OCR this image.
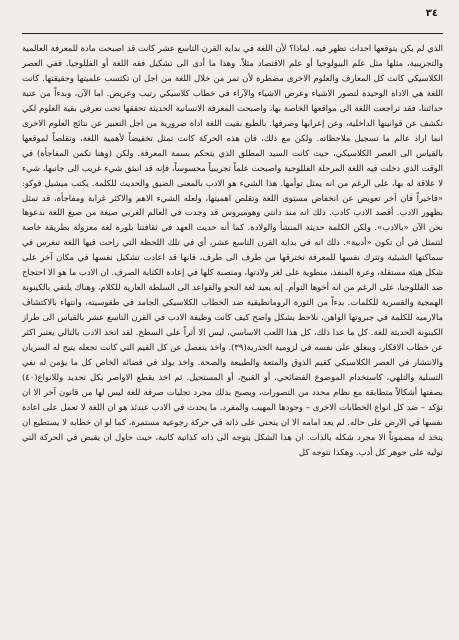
٣٤

الذي لم يكن يتوقعها احداث تظهر فيه. لماذا؟ لأن اللغة في بداية القرن التاسع عشر كانت قد اصبحت مادة للمعرفة العالمية والتجريبية، مثلها مثل علم البيولوجيا أو علم الاقتصاد مثلاً. وهذا ما أدى الى تشكيل فقه اللغة أو الفللوجيا. ففي العصر الكلاسيكي كانت كل المعارف والعلوم الاخرى مضطرة لأن تمر من خلال اللغة من اجل ان تكتسب علميتها وحقيقتها. كانت اللغة هي الاداة الوحيدة لتصور الاشياء وعرض الاشياء والآراء في خطاب كلاسيكي رتيب وعريض. اما الآن، وبدءاً من عتبة حداثتنا، فقد تراجعت اللغة الى مواقعها الخاصة بها، واصبحت المعرفة الانسانية الحديثة تحققها تحت تعرفي بقية العلوم لكي تكشف عن قوانينها الداخلية، وعن إعرابها وصرفها. بالطبع بقيت اللغة اداة ضرورية من اجل التعبير عن نتائج العلوم الاخرى انما اراد عالم ما تسجيل ملاحظاته. ولكن مع ذلك، فان هذه الحركة كانت تمثل تخفيضاً لأهمية اللغة، وتقلصاً لموقعها بالقياس الى العصر الكلاسيكي، حيث كانت السيد المطلق الذي يتحكم بسمة المعرفة. ولكن (وهنا تكمن المفاجأة) في الوقت الذي دخلت فيه اللغة المرحلة الفللوجية واصبحت علماً تجريبياً محسوساً، فإنه قد انبثق شيء غريب الى جانبها، شيء لا علاقة له بها، على الرغم من انه يمثل توأمها. هذا الشيء هو الادب بالمعنى الضيق والحديث للكلمة. يكتب ميشيل فوكو: «فاخيراً فان آخر تعويض عن انخفاض مستوى اللغة وتقلص اهميتها، ولعله الشيء الاهم والاكثر غرابة ومفاجأة، قد تمثل بظهور الادب. أقصد الادب كادب. ذلك انه منذ دانتي وهوميروس قد وجدت في العالم الغربي صيغة من صيغ اللغة ندعوها نحن الآن «بالادب». ولكن الكلمة حديثة المنشأ والولادة. كما أنه حديث العهد في ثقافتنا بلورة لغة معزولة بطريقة خاصة لتتمثل في أن تكون «أدبية». ذلك انه في بداية القرن التاسع عشر، أي في تلك اللحظة التي راحت فيها اللغة تنغرس في سماكتها الشيئية وتترك نفسها للمعرفة تخترقها من طرف الى طرف، فانها قد اعادت تشكيل نفسها في مكان آخر على شكل هيئة مستقلة، وعرة المنفذ، منطوية على لغز ولادتها، ومنصبة كلها في إعادة الكتابة الصرف. ان الادب ما هو الا احتجاج ضد الفللوجيا، على الرغم من انه أخوها التوأم. إنه يعيد لغة النحو والقواعد الى السلطة العارية للكلام، وهناك يلتقي بالكينونة الهمجية والقسرية للكلمات. بدءاً من الثورة الرومانطيقية ضد الخطاب الكلاسيكي الجامد في طقوسيته، وانتهاء بالاكتشاف مالارميه للكلمة في جبروتها الواهن، نلاحظ بشكل واضح كيف كانت وظيفة الادب في القرن التاسع عشر بالقياس الى طراز الكينونة الحديثة للغة. كل ما عدا ذلك، كل هذا اللعب الاساسي، ليس الا أثراً على السطح. لقد اتخذ الادب بالتالي يعتبر اكثر عن خطاب الافكار، وينغلق على نفسه في لزومية الجذرية(٣٩). واخذ يتفصل عن كل القيم التي كانت تجعله يتيح له السريان والانتشار في العصر الكلاسيكي كقيم الذوق والمتعة والطبيعة والصحة. واخذ يولد في فضائه الخاص كل ما يؤمن له نفي التسلية والتلهي، كاستخدام الموضوع الفضائحي، أو القبيح، أو المستحيل. ثم اخذ يقطع الاواصر بكل تحديد وللانواع(٤٠) بصفتها أشكالاً متطابقة مع نظام محدد من التصورات، ويصبح بذلك مجرد تجليات صرفة للغة ليس لها من قانون آخر الا ان تؤكد – ضد كل انواع الخطابات الاخرى – وجودها المهيب والمفرد. ما يحدث في الادب عندئذ هو ان اللغة لا تعمل على اعادة نفسها في الارض على حاله. لم يعد امامه الا ان ينحني على ذاته في حركة رجوعية مستمرة، كما لو ان خطابه لا يستطيع ان يتخذ له مضموناً الا مجرد شكله بالذات. ان هذا الشكل يتوجه الى ذاته كذاتية كاتبة، حيث حاول ان يقبض في الحركة التي توليه على جوهر كل أدب. وهكذا تتوجه كل
